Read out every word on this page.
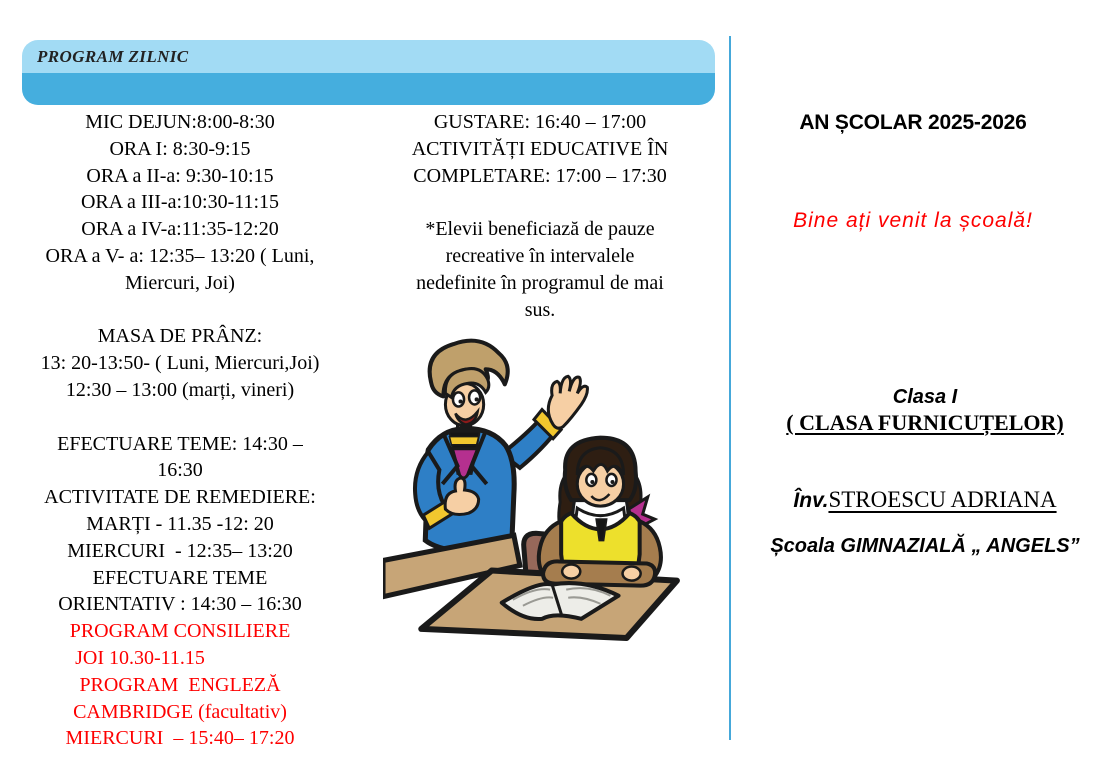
PROGRAM ZILNIC
MIC DEJUN:8:00-8:30
ORA I: 8:30-9:15
ORA a II-a: 9:30-10:15
ORA a III-a:10:30-11:15
ORA a IV-a:11:35-12:20
ORA a V- a: 12:35– 13:20 ( Luni,
Miercuri, Joi)

MASA DE PRÂNZ:
13: 20-13:50- ( Luni, Miercuri,Joi)
12:30 – 13:00 (marți, vineri)

EFECTUARE TEME: 14:30 –
16:30
ACTIVITATE DE REMEDIERE:
MARȚI - 11.35 -12: 20
MIERCURI  - 12:35– 13:20
EFECTUARE TEME
ORIENTATIV : 14:30 – 16:30
PROGRAM CONSILIERE
JOI 10.30-11.15
PROGRAM  ENGLEZĂ
CAMBRIDGE (facultativ)
MIERCURI  – 15:40– 17:20
GUSTARE: 16:40 – 17:00
ACTIVITĂȚI EDUCATIVE ÎN
COMPLETARE: 17:00 – 17:30

*Elevii beneficiază de pauze
recreative în intervalele
nedefinite în programul de mai
sus.
AN ȘCOLAR 2025-2026
Bine ați venit la școală!
Clasa I
( CLASA FURNICUȚELOR)
Înv.STROESCU ADRIANA
Școala GIMNAZIALĂ „ ANGELS”
